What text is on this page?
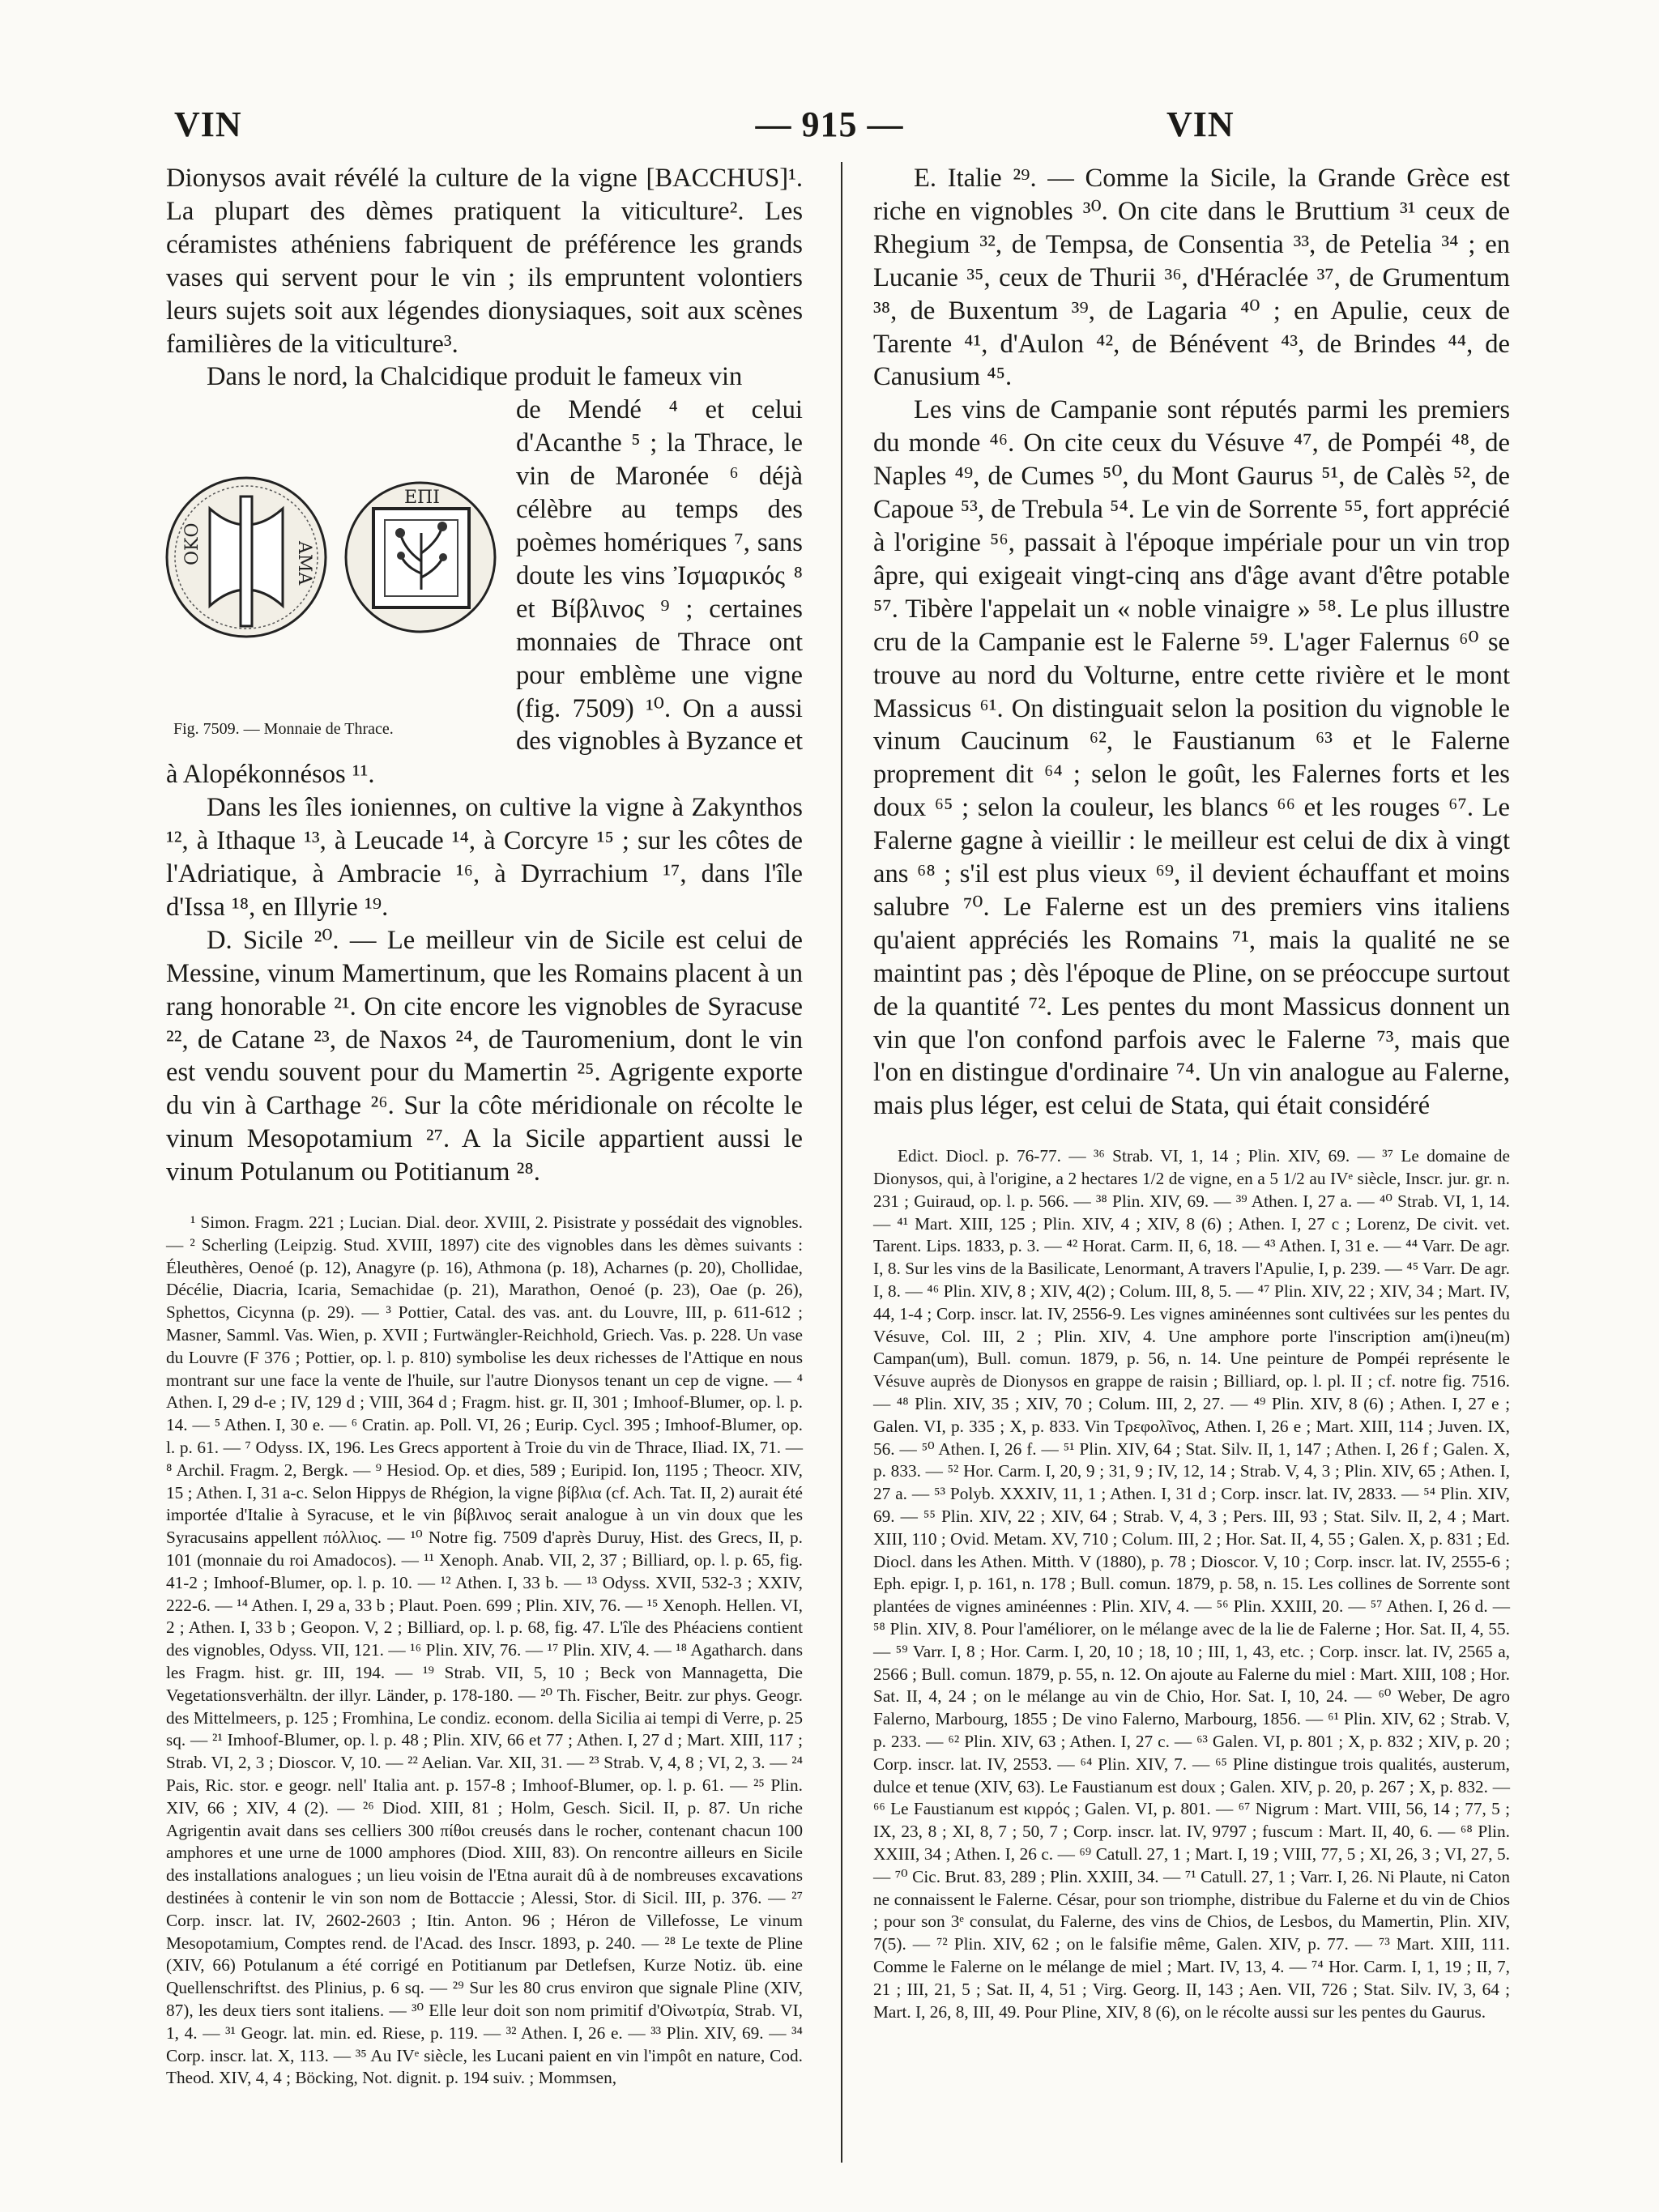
VIN	— 915 —	VIN

Dionysos avait révélé la culture de la vigne [BACCHUS]¹. La plupart des dèmes pratiquent la viticulture². Les céramistes athéniens fabriquent de préférence les grands vases qui servent pour le vin ; ils empruntent volontiers leurs sujets soit aux légendes dionysiaques, soit aux scènes familières de la viticulture³.

Dans le nord, la Chalcidique produit le fameux vin

ΟΚΟ	ΑΜΑ
ΕΠΙ
Fig. 7509. — Monnaie de Thrace.

de Mendé ⁴ et celui d'Acanthe ⁵ ; la Thrace, le vin de Maronée ⁶ déjà célèbre au temps des poèmes homériques ⁷, sans doute les vins Ἰσμαρικός ⁸ et Βίβλινος ⁹ ; certaines monnaies de Thrace ont pour emblème une vigne (fig. 7509) ¹⁰. On a aussi des vignobles à Byzance et à Alopékonnésos ¹¹.

Dans les îles ioniennes, on cultive la vigne à Zakynthos ¹², à Ithaque ¹³, à Leucade ¹⁴, à Corcyre ¹⁵ ; sur les côtes de l'Adriatique, à Ambracie ¹⁶, à Dyrrachium ¹⁷, dans l'île d'Issa ¹⁸, en Illyrie ¹⁹.

D. Sicile ²⁰. — Le meilleur vin de Sicile est celui de Messine, vinum Mamertinum, que les Romains placent à un rang honorable ²¹. On cite encore les vignobles de Syracuse ²², de Catane ²³, de Naxos ²⁴, de Tauromenium, dont le vin est vendu souvent pour du Mamertin ²⁵. Agrigente exporte du vin à Carthage ²⁶. Sur la côte méridionale on récolte le vinum Mesopotamium ²⁷. A la Sicile appartient aussi le vinum Potulanum ou Potitianum ²⁸.

¹ Simon. Fragm. 221 ; Lucian. Dial. deor. XVIII, 2. Pisistrate y possédait des vignobles. — ² Scherling (Leipzig. Stud. XVIII, 1897) cite des vignobles dans les dèmes suivants : Éleuthères, Oenoé (p. 12), Anagyre (p. 16), Athmona (p. 18), Acharnes (p. 20), Chollidae, Décélie, Diacria, Icaria, Semachidae (p. 21), Marathon, Oenoé (p. 23), Oae (p. 26), Sphettos, Cicynna (p. 29). — ³ Pottier, Catal. des vas. ant. du Louvre, III, p. 611-612 ; Masner, Samml. Vas. Wien, p. XVII ; Furtwängler-Reichhold, Griech. Vas. p. 228. Un vase du Louvre (F 376 ; Pottier, op. l. p. 810) symbolise les deux richesses de l'Attique en nous montrant sur une face la vente de l'huile, sur l'autre Dionysos tenant un cep de vigne. — ⁴ Athen. I, 29 d-e ; IV, 129 d ; VIII, 364 d ; Fragm. hist. gr. II, 301 ; Imhoof-Blumer, op. l. p. 14. — ⁵ Athen. I, 30 e. — ⁶ Cratin. ap. Poll. VI, 26 ; Eurip. Cycl. 395 ; Imhoof-Blumer, op. l. p. 61. — ⁷ Odyss. IX, 196. Les Grecs apportent à Troie du vin de Thrace, Iliad. IX, 71. — ⁸ Archil. Fragm. 2, Bergk. — ⁹ Hesiod. Op. et dies, 589 ; Euripid. Ion, 1195 ; Theocr. XIV, 15 ; Athen. I, 31 a-c. Selon Hippys de Rhégion, la vigne βίβλια (cf. Ach. Tat. II, 2) aurait été importée d'Italie à Syracuse, et le vin βίβλινος serait analogue à un vin doux que les Syracusains appellent πόλλιος. — ¹⁰ Notre fig. 7509 d'après Duruy, Hist. des Grecs, II, p. 101 (monnaie du roi Amadocos). — ¹¹ Xenoph. Anab. VII, 2, 37 ; Billiard, op. l. p. 65, fig. 41-2 ; Imhoof-Blumer, op. l. p. 10. — ¹² Athen. I, 33 b. — ¹³ Odyss. XVII, 532-3 ; XXIV, 222-6. — ¹⁴ Athen. I, 29 a, 33 b ; Plaut. Poen. 699 ; Plin. XIV, 76. — ¹⁵ Xenoph. Hellen. VI, 2 ; Athen. I, 33 b ; Geopon. V, 2 ; Billiard, op. l. p. 68, fig. 47. L'île des Phéaciens contient des vignobles, Odyss. VII, 121. — ¹⁶ Plin. XIV, 76. — ¹⁷ Plin. XIV, 4. — ¹⁸ Agatharch. dans les Fragm. hist. gr. III, 194. — ¹⁹ Strab. VII, 5, 10 ; Beck von Mannagetta, Die Vegetationsverhältn. der illyr. Länder, p. 178-180. — ²⁰ Th. Fischer, Beitr. zur phys. Geogr. des Mittelmeers, p. 125 ; Fromhina, Le condiz. econom. della Sicilia ai tempi di Verre, p. 25 sq. — ²¹ Imhoof-Blumer, op. l. p. 48 ; Plin. XIV, 66 et 77 ; Athen. I, 27 d ; Mart. XIII, 117 ; Strab. VI, 2, 3 ; Dioscor. V, 10. — ²² Aelian. Var. XII, 31. — ²³ Strab. V, 4, 8 ; VI, 2, 3. — ²⁴ Pais, Ric. stor. e geogr. nell' Italia ant. p. 157-8 ; Imhoof-Blumer, op. l. p. 61. — ²⁵ Plin. XIV, 66 ; XIV, 4 (2). — ²⁶ Diod. XIII, 81 ; Holm, Gesch. Sicil. II, p. 87. Un riche Agrigentin avait dans ses celliers 300 πίθοι creusés dans le rocher, contenant chacun 100 amphores et une urne de 1000 amphores (Diod. XIII, 83). On rencontre ailleurs en Sicile des installations analogues ; un lieu voisin de l'Etna aurait dû à de nombreuses excavations destinées à contenir le vin son nom de Bottaccie ; Alessi, Stor. di Sicil. III, p. 376. — ²⁷ Corp. inscr. lat. IV, 2602-2603 ; Itin. Anton. 96 ; Héron de Villefosse, Le vinum Mesopotamium, Comptes rend. de l'Acad. des Inscr. 1893, p. 240. — ²⁸ Le texte de Pline (XIV, 66) Potulanum a été corrigé en Potitianum par Detlefsen, Kurze Notiz. üb. eine Quellenschriftst. des Plinius, p. 6 sq. — ²⁹ Sur les 80 crus environ que signale Pline (XIV, 87), les deux tiers sont italiens. — ³⁰ Elle leur doit son nom primitif d'Oἰνωτρία, Strab. VI, 1, 4. — ³¹ Geogr. lat. min. ed. Riese, p. 119. — ³² Athen. I, 26 e. — ³³ Plin. XIV, 69. — ³⁴ Corp. inscr. lat. X, 113. — ³⁵ Au IVᵉ siècle, les Lucani paient en vin l'impôt en nature, Cod. Theod. XIV, 4, 4 ; Böcking, Not. dignit. p. 194 suiv. ; Mommsen,

E. Italie ²⁹. — Comme la Sicile, la Grande Grèce est riche en vignobles ³⁰. On cite dans le Bruttium ³¹ ceux de Rhegium ³², de Tempsa, de Consentia ³³, de Petelia ³⁴ ; en Lucanie ³⁵, ceux de Thurii ³⁶, d'Héraclée ³⁷, de Grumentum ³⁸, de Buxentum ³⁹, de Lagaria ⁴⁰ ; en Apulie, ceux de Tarente ⁴¹, d'Aulon ⁴², de Bénévent ⁴³, de Brindes ⁴⁴, de Canusium ⁴⁵.

Les vins de Campanie sont réputés parmi les premiers du monde ⁴⁶. On cite ceux du Vésuve ⁴⁷, de Pompéi ⁴⁸, de Naples ⁴⁹, de Cumes ⁵⁰, du Mont Gaurus ⁵¹, de Calès ⁵², de Capoue ⁵³, de Trebula ⁵⁴. Le vin de Sorrente ⁵⁵, fort apprécié à l'origine ⁵⁶, passait à l'époque impériale pour un vin trop âpre, qui exigeait vingt-cinq ans d'âge avant d'être potable ⁵⁷. Tibère l'appelait un « noble vinaigre » ⁵⁸. Le plus illustre cru de la Campanie est le Falerne ⁵⁹. L'ager Falernus ⁶⁰ se trouve au nord du Volturne, entre cette rivière et le mont Massicus ⁶¹. On distinguait selon la position du vignoble le vinum Caucinum ⁶², le Faustianum ⁶³ et le Falerne proprement dit ⁶⁴ ; selon le goût, les Falernes forts et les doux ⁶⁵ ; selon la couleur, les blancs ⁶⁶ et les rouges ⁶⁷. Le Falerne gagne à vieillir : le meilleur est celui de dix à vingt ans ⁶⁸ ; s'il est plus vieux ⁶⁹, il devient échauffant et moins salubre ⁷⁰. Le Falerne est un des premiers vins italiens qu'aient appréciés les Romains ⁷¹, mais la qualité ne se maintint pas ; dès l'époque de Pline, on se préoccupe surtout de la quantité ⁷². Les pentes du mont Massicus donnent un vin que l'on confond parfois avec le Falerne ⁷³, mais que l'on en distingue d'ordinaire ⁷⁴. Un vin analogue au Falerne, mais plus léger, est celui de Stata, qui était considéré

Edict. Diocl. p. 76-77. — ³⁶ Strab. VI, 1, 14 ; Plin. XIV, 69. — ³⁷ Le domaine de Dionysos, qui, à l'origine, a 2 hectares 1/2 de vigne, en a 5 1/2 au IVᵉ siècle, Inscr. jur. gr. n. 231 ; Guiraud, op. l. p. 566. — ³⁸ Plin. XIV, 69. — ³⁹ Athen. I, 27 a. — ⁴⁰ Strab. VI, 1, 14. — ⁴¹ Mart. XIII, 125 ; Plin. XIV, 4 ; XIV, 8 (6) ; Athen. I, 27 c ; Lorenz, De civit. vet. Tarent. Lips. 1833, p. 3. — ⁴² Horat. Carm. II, 6, 18. — ⁴³ Athen. I, 31 e. — ⁴⁴ Varr. De agr. I, 8. Sur les vins de la Basilicate, Lenormant, A travers l'Apulie, I, p. 239. — ⁴⁵ Varr. De agr. I, 8. — ⁴⁶ Plin. XIV, 8 ; XIV, 4(2) ; Colum. III, 8, 5. — ⁴⁷ Plin. XIV, 22 ; XIV, 34 ; Mart. IV, 44, 1-4 ; Corp. inscr. lat. IV, 2556-9. Les vignes aminéennes sont cultivées sur les pentes du Vésuve, Col. III, 2 ; Plin. XIV, 4. Une amphore porte l'inscription am(i)neu(m) Campan(um), Bull. comun. 1879, p. 56, n. 14. Une peinture de Pompéi représente le Vésuve auprès de Dionysos en grappe de raisin ; Billiard, op. l. pl. II ; cf. notre fig. 7516. — ⁴⁸ Plin. XIV, 35 ; XIV, 70 ; Colum. III, 2, 27. — ⁴⁹ Plin. XIV, 8 (6) ; Athen. I, 27 e ; Galen. VI, p. 335 ; X, p. 833. Vin Τρεφολῖνος, Athen. I, 26 e ; Mart. XIII, 114 ; Juven. IX, 56. — ⁵⁰ Athen. I, 26 f. — ⁵¹ Plin. XIV, 64 ; Stat. Silv. II, 1, 147 ; Athen. I, 26 f ; Galen. X, p. 833. — ⁵² Hor. Carm. I, 20, 9 ; 31, 9 ; IV, 12, 14 ; Strab. V, 4, 3 ; Plin. XIV, 65 ; Athen. I, 27 a. — ⁵³ Polyb. XXXIV, 11, 1 ; Athen. I, 31 d ; Corp. inscr. lat. IV, 2833. — ⁵⁴ Plin. XIV, 69. — ⁵⁵ Plin. XIV, 22 ; XIV, 64 ; Strab. V, 4, 3 ; Pers. III, 93 ; Stat. Silv. II, 2, 4 ; Mart. XIII, 110 ; Ovid. Metam. XV, 710 ; Colum. III, 2 ; Hor. Sat. II, 4, 55 ; Galen. X, p. 831 ; Ed. Diocl. dans les Athen. Mitth. V (1880), p. 78 ; Dioscor. V, 10 ; Corp. inscr. lat. IV, 2555-6 ; Eph. epigr. I, p. 161, n. 178 ; Bull. comun. 1879, p. 58, n. 15. Les collines de Sorrente sont plantées de vignes aminéennes : Plin. XIV, 4. — ⁵⁶ Plin. XXIII, 20. — ⁵⁷ Athen. I, 26 d. — ⁵⁸ Plin. XIV, 8. Pour l'améliorer, on le mélange avec de la lie de Falerne ; Hor. Sat. II, 4, 55. — ⁵⁹ Varr. I, 8 ; Hor. Carm. I, 20, 10 ; 18, 10 ; III, 1, 43, etc. ; Corp. inscr. lat. IV, 2565 a, 2566 ; Bull. comun. 1879, p. 55, n. 12. On ajoute au Falerne du miel : Mart. XIII, 108 ; Hor. Sat. II, 4, 24 ; on le mélange au vin de Chio, Hor. Sat. I, 10, 24. — ⁶⁰ Weber, De agro Falerno, Marbourg, 1855 ; De vino Falerno, Marbourg, 1856. — ⁶¹ Plin. XIV, 62 ; Strab. V, p. 233. — ⁶² Plin. XIV, 63 ; Athen. I, 27 c. — ⁶³ Galen. VI, p. 801 ; X, p. 832 ; XIV, p. 20 ; Corp. inscr. lat. IV, 2553. — ⁶⁴ Plin. XIV, 7. — ⁶⁵ Pline distingue trois qualités, austerum, dulce et tenue (XIV, 63). Le Faustianum est doux ; Galen. XIV, p. 20, p. 267 ; X, p. 832. — ⁶⁶ Le Faustianum est κιρρός ; Galen. VI, p. 801. — ⁶⁷ Nigrum : Mart. VIII, 56, 14 ; 77, 5 ; IX, 23, 8 ; XI, 8, 7 ; 50, 7 ; Corp. inscr. lat. IV, 9797 ; fuscum : Mart. II, 40, 6. — ⁶⁸ Plin. XXIII, 34 ; Athen. I, 26 c. — ⁶⁹ Catull. 27, 1 ; Mart. I, 19 ; VIII, 77, 5 ; XI, 26, 3 ; VI, 27, 5. — ⁷⁰ Cic. Brut. 83, 289 ; Plin. XXIII, 34. — ⁷¹ Catull. 27, 1 ; Varr. I, 26. Ni Plaute, ni Caton ne connaissent le Falerne. César, pour son triomphe, distribue du Falerne et du vin de Chios ; pour son 3ᵉ consulat, du Falerne, des vins de Chios, de Lesbos, du Mamertin, Plin. XIV, 7(5). — ⁷² Plin. XIV, 62 ; on le falsifie même, Galen. XIV, p. 77. — ⁷³ Mart. XIII, 111. Comme le Falerne on le mélange de miel ; Mart. IV, 13, 4. — ⁷⁴ Hor. Carm. I, 1, 19 ; II, 7, 21 ; III, 21, 5 ; Sat. II, 4, 51 ; Virg. Georg. II, 143 ; Aen. VII, 726 ; Stat. Silv. IV, 3, 64 ; Mart. I, 26, 8, III, 49. Pour Pline, XIV, 8 (6), on le récolte aussi sur les pentes du Gaurus.
